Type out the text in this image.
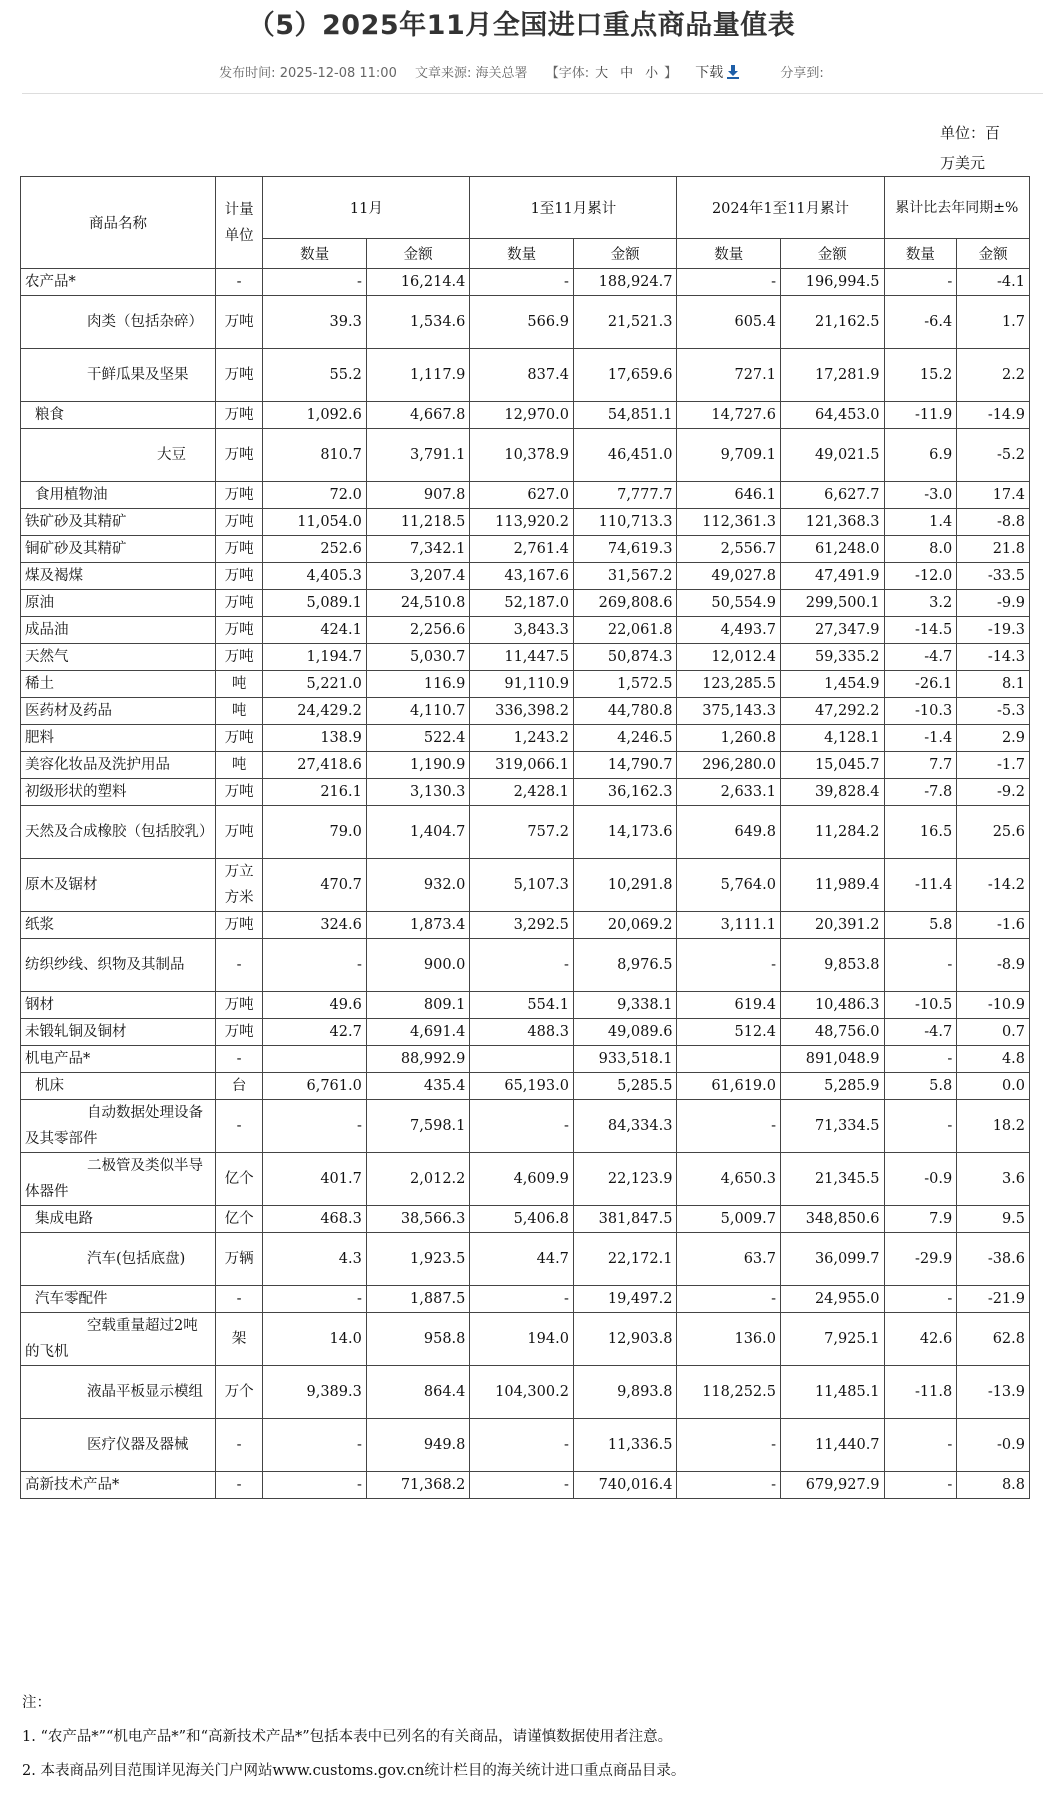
（5）2025年11月全国进口重点商品量值表
发布时间: 2025-12-08 11:00 文章来源: 海关总署 【字体: 大 中 小 】 下载	分享到:
单位：百万美元
商品名称	计量单位	11月		1至11月累计		2024年1至11月累计		累计比去年同期±%	
		数量	金额	数量	金额	数量	金额	数量	金额
农产品*	-	-	16,214.4	-	188,924.7	-	196,994.5	-	-4.1
肉类（包括杂碎）	万吨	39.3	1,534.6	566.9	21,521.3	605.4	21,162.5	-6.4	1.7
干鲜瓜果及坚果	万吨	55.2	1,117.9	837.4	17,659.6	727.1	17,281.9	15.2	2.2
粮食	万吨	1,092.6	4,667.8	12,970.0	54,851.1	14,727.6	64,453.0	-11.9	-14.9
大豆	万吨	810.7	3,791.1	10,378.9	46,451.0	9,709.1	49,021.5	6.9	-5.2
食用植物油	万吨	72.0	907.8	627.0	7,777.7	646.1	6,627.7	-3.0	17.4
铁矿砂及其精矿	万吨	11,054.0	11,218.5	113,920.2	110,713.3	112,361.3	121,368.3	1.4	-8.8
铜矿砂及其精矿	万吨	252.6	7,342.1	2,761.4	74,619.3	2,556.7	61,248.0	8.0	21.8
煤及褐煤	万吨	4,405.3	3,207.4	43,167.6	31,567.2	49,027.8	47,491.9	-12.0	-33.5
原油	万吨	5,089.1	24,510.8	52,187.0	269,808.6	50,554.9	299,500.1	3.2	-9.9
成品油	万吨	424.1	2,256.6	3,843.3	22,061.8	4,493.7	27,347.9	-14.5	-19.3
天然气	万吨	1,194.7	5,030.7	11,447.5	50,874.3	12,012.4	59,335.2	-4.7	-14.3
稀土	吨	5,221.0	116.9	91,110.9	1,572.5	123,285.5	1,454.9	-26.1	8.1
医药材及药品	吨	24,429.2	4,110.7	336,398.2	44,780.8	375,143.3	47,292.2	-10.3	-5.3
肥料	万吨	138.9	522.4	1,243.2	4,246.5	1,260.8	4,128.1	-1.4	2.9
美容化妆品及洗护用品	吨	27,418.6	1,190.9	319,066.1	14,790.7	296,280.0	15,045.7	7.7	-1.7
初级形状的塑料	万吨	216.1	3,130.3	2,428.1	36,162.3	2,633.1	39,828.4	-7.8	-9.2
天然及合成橡胶（包括胶乳）	万吨	79.0	1,404.7	757.2	14,173.6	649.8	11,284.2	16.5	25.6
原木及锯材	万立方米	470.7	932.0	5,107.3	10,291.8	5,764.0	11,989.4	-11.4	-14.2
纸浆	万吨	324.6	1,873.4	3,292.5	20,069.2	3,111.1	20,391.2	5.8	-1.6
纺织纱线、织物及其制品	-	-	900.0	-	8,976.5	-	9,853.8	-	-8.9
钢材	万吨	49.6	809.1	554.1	9,338.1	619.4	10,486.3	-10.5	-10.9
未锻轧铜及铜材	万吨	42.7	4,691.4	488.3	49,089.6	512.4	48,756.0	-4.7	0.7
机电产品*	-		88,992.9		933,518.1		891,048.9	-	4.8
机床	台	6,761.0	435.4	65,193.0	5,285.5	61,619.0	5,285.9	5.8	0.0
自动数据处理设备及其零部件	-	-	7,598.1	-	84,334.3	-	71,334.5	-	18.2
二极管及类似半导体器件	亿个	401.7	2,012.2	4,609.9	22,123.9	4,650.3	21,345.5	-0.9	3.6
集成电路	亿个	468.3	38,566.3	5,406.8	381,847.5	5,009.7	348,850.6	7.9	9.5
汽车(包括底盘)	万辆	4.3	1,923.5	44.7	22,172.1	63.7	36,099.7	-29.9	-38.6
汽车零配件	-	-	1,887.5	-	19,497.2	-	24,955.0	-	-21.9
空载重量超过2吨的飞机	架	14.0	958.8	194.0	12,903.8	136.0	7,925.1	42.6	62.8
液晶平板显示模组	万个	9,389.3	864.4	104,300.2	9,893.8	118,252.5	11,485.1	-11.8	-13.9
医疗仪器及器械	-	-	949.8	-	11,336.5	-	11,440.7	-	-0.9
高新技术产品*	-	-	71,368.2	-	740,016.4	-	679,927.9	-	8.8
注：
1. “农产品*”“机电产品*”和“高新技术产品*”包括本表中已列名的有关商品，请谨慎数据使用者注意。
2. 本表商品列目范围详见海关门户网站www.customs.gov.cn统计栏目的海关统计进口重点商品目录。
